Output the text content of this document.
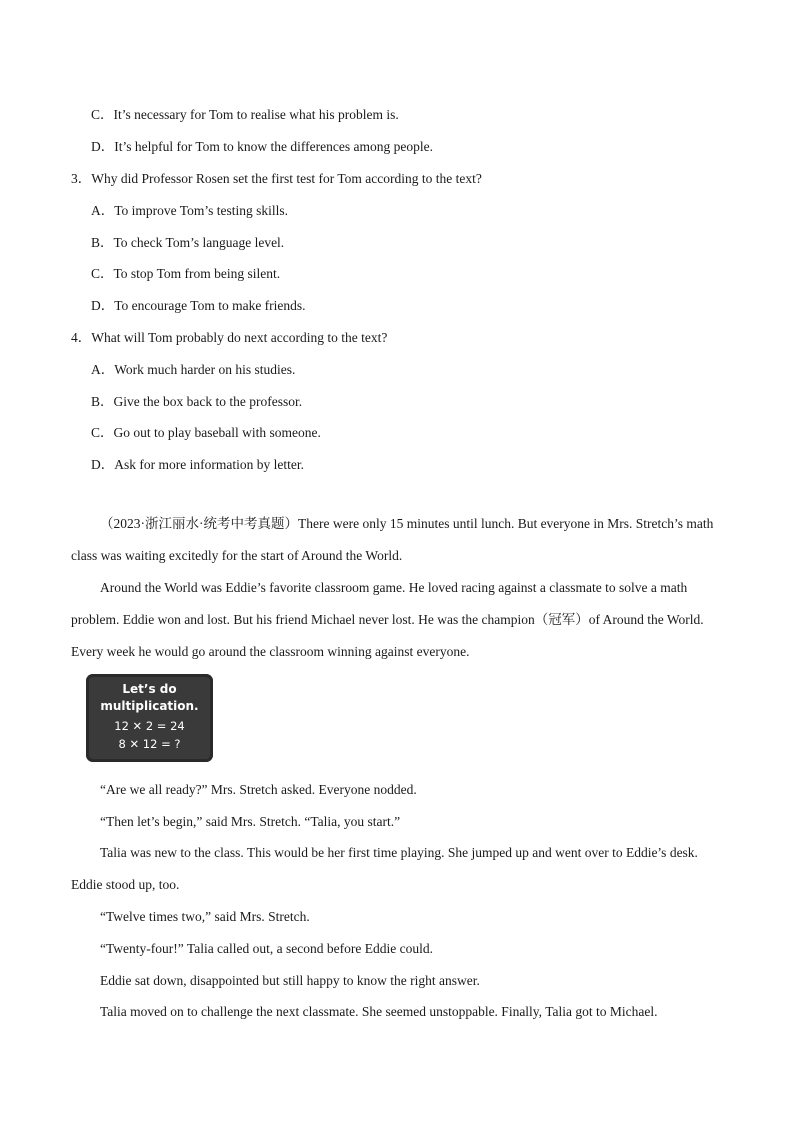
C．It’s necessary for Tom to realise what his problem is.
D．It’s helpful for Tom to know the differences among people.
3．Why did Professor Rosen set the first test for Tom according to the text?
A．To improve Tom’s testing skills.
B．To check Tom’s language level.
C．To stop Tom from being silent.
D．To encourage Tom to make friends.
4．What will Tom probably do next according to the text?
A．Work much harder on his studies.
B．Give the box back to the professor.
C．Go out to play baseball with someone.
D．Ask for more information by letter.
（2023·浙江丽水·统考中考真题）There were only 15 minutes until lunch. But everyone in Mrs. Stretch’s math class was waiting excitedly for the start of Around the World.
Around the World was Eddie’s favorite classroom game. He loved racing against a classmate to solve a math problem. Eddie won and lost. But his friend Michael never lost. He was the champion（冠军）of Around the World. Every week he would go around the classroom winning against everyone.
Let’s do
multiplication.
12 ✕ 2 = 24
8 ✕ 12 = ?
“Are we all ready?” Mrs. Stretch asked. Everyone nodded.
“Then let’s begin,” said Mrs. Stretch. “Talia, you start.”
Talia was new to the class. This would be her first time playing. She jumped up and went over to Eddie’s desk. Eddie stood up, too.
“Twelve times two,” said Mrs. Stretch.
“Twenty-four!” Talia called out, a second before Eddie could.
Eddie sat down, disappointed but still happy to know the right answer.
Talia moved on to challenge the next classmate. She seemed unstoppable. Finally, Talia got to Michael.
